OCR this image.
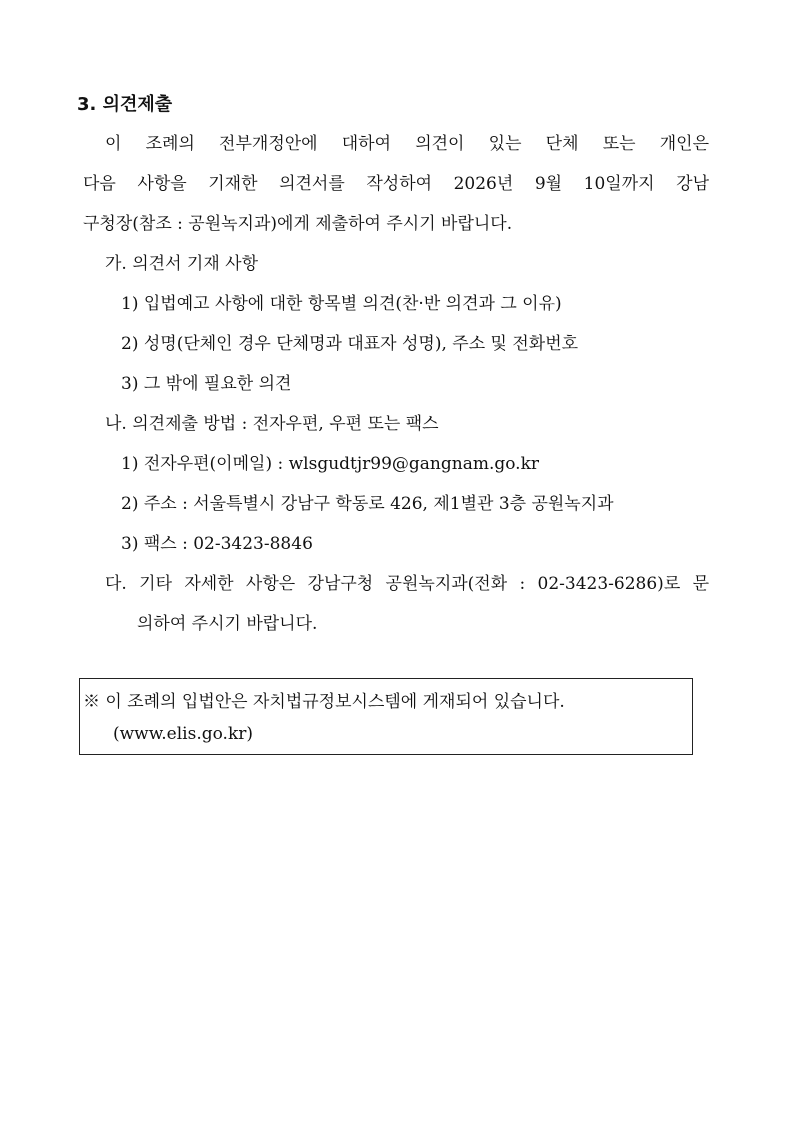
3. 의견제출
이 조례의 전부개정안에 대하여 의견이 있는 단체 또는 개인은
다음 사항을 기재한 의견서를 작성하여 2026년 9월 10일까지 강남
구청장(참조 : 공원녹지과)에게 제출하여 주시기 바랍니다.
가. 의견서 기재 사항
1) 입법예고 사항에 대한 항목별 의견(찬·반 의견과 그 이유)
2) 성명(단체인 경우 단체명과 대표자 성명), 주소 및 전화번호
3) 그 밖에 필요한 의견
나. 의견제출 방법 : 전자우편, 우편 또는 팩스
1) 전자우편(이메일) : wlsgudtjr99@gangnam.go.kr
2) 주소 : 서울특별시 강남구 학동로 426, 제1별관 3층 공원녹지과
3) 팩스 : 02-3423-8846
다. 기타 자세한 사항은 강남구청 공원녹지과(전화 : 02-3423-6286)로 문
의하여 주시기 바랍니다.
※ 이 조례의 입법안은 자치법규정보시스템에 게재되어 있습니다.
(www.elis.go.kr)
